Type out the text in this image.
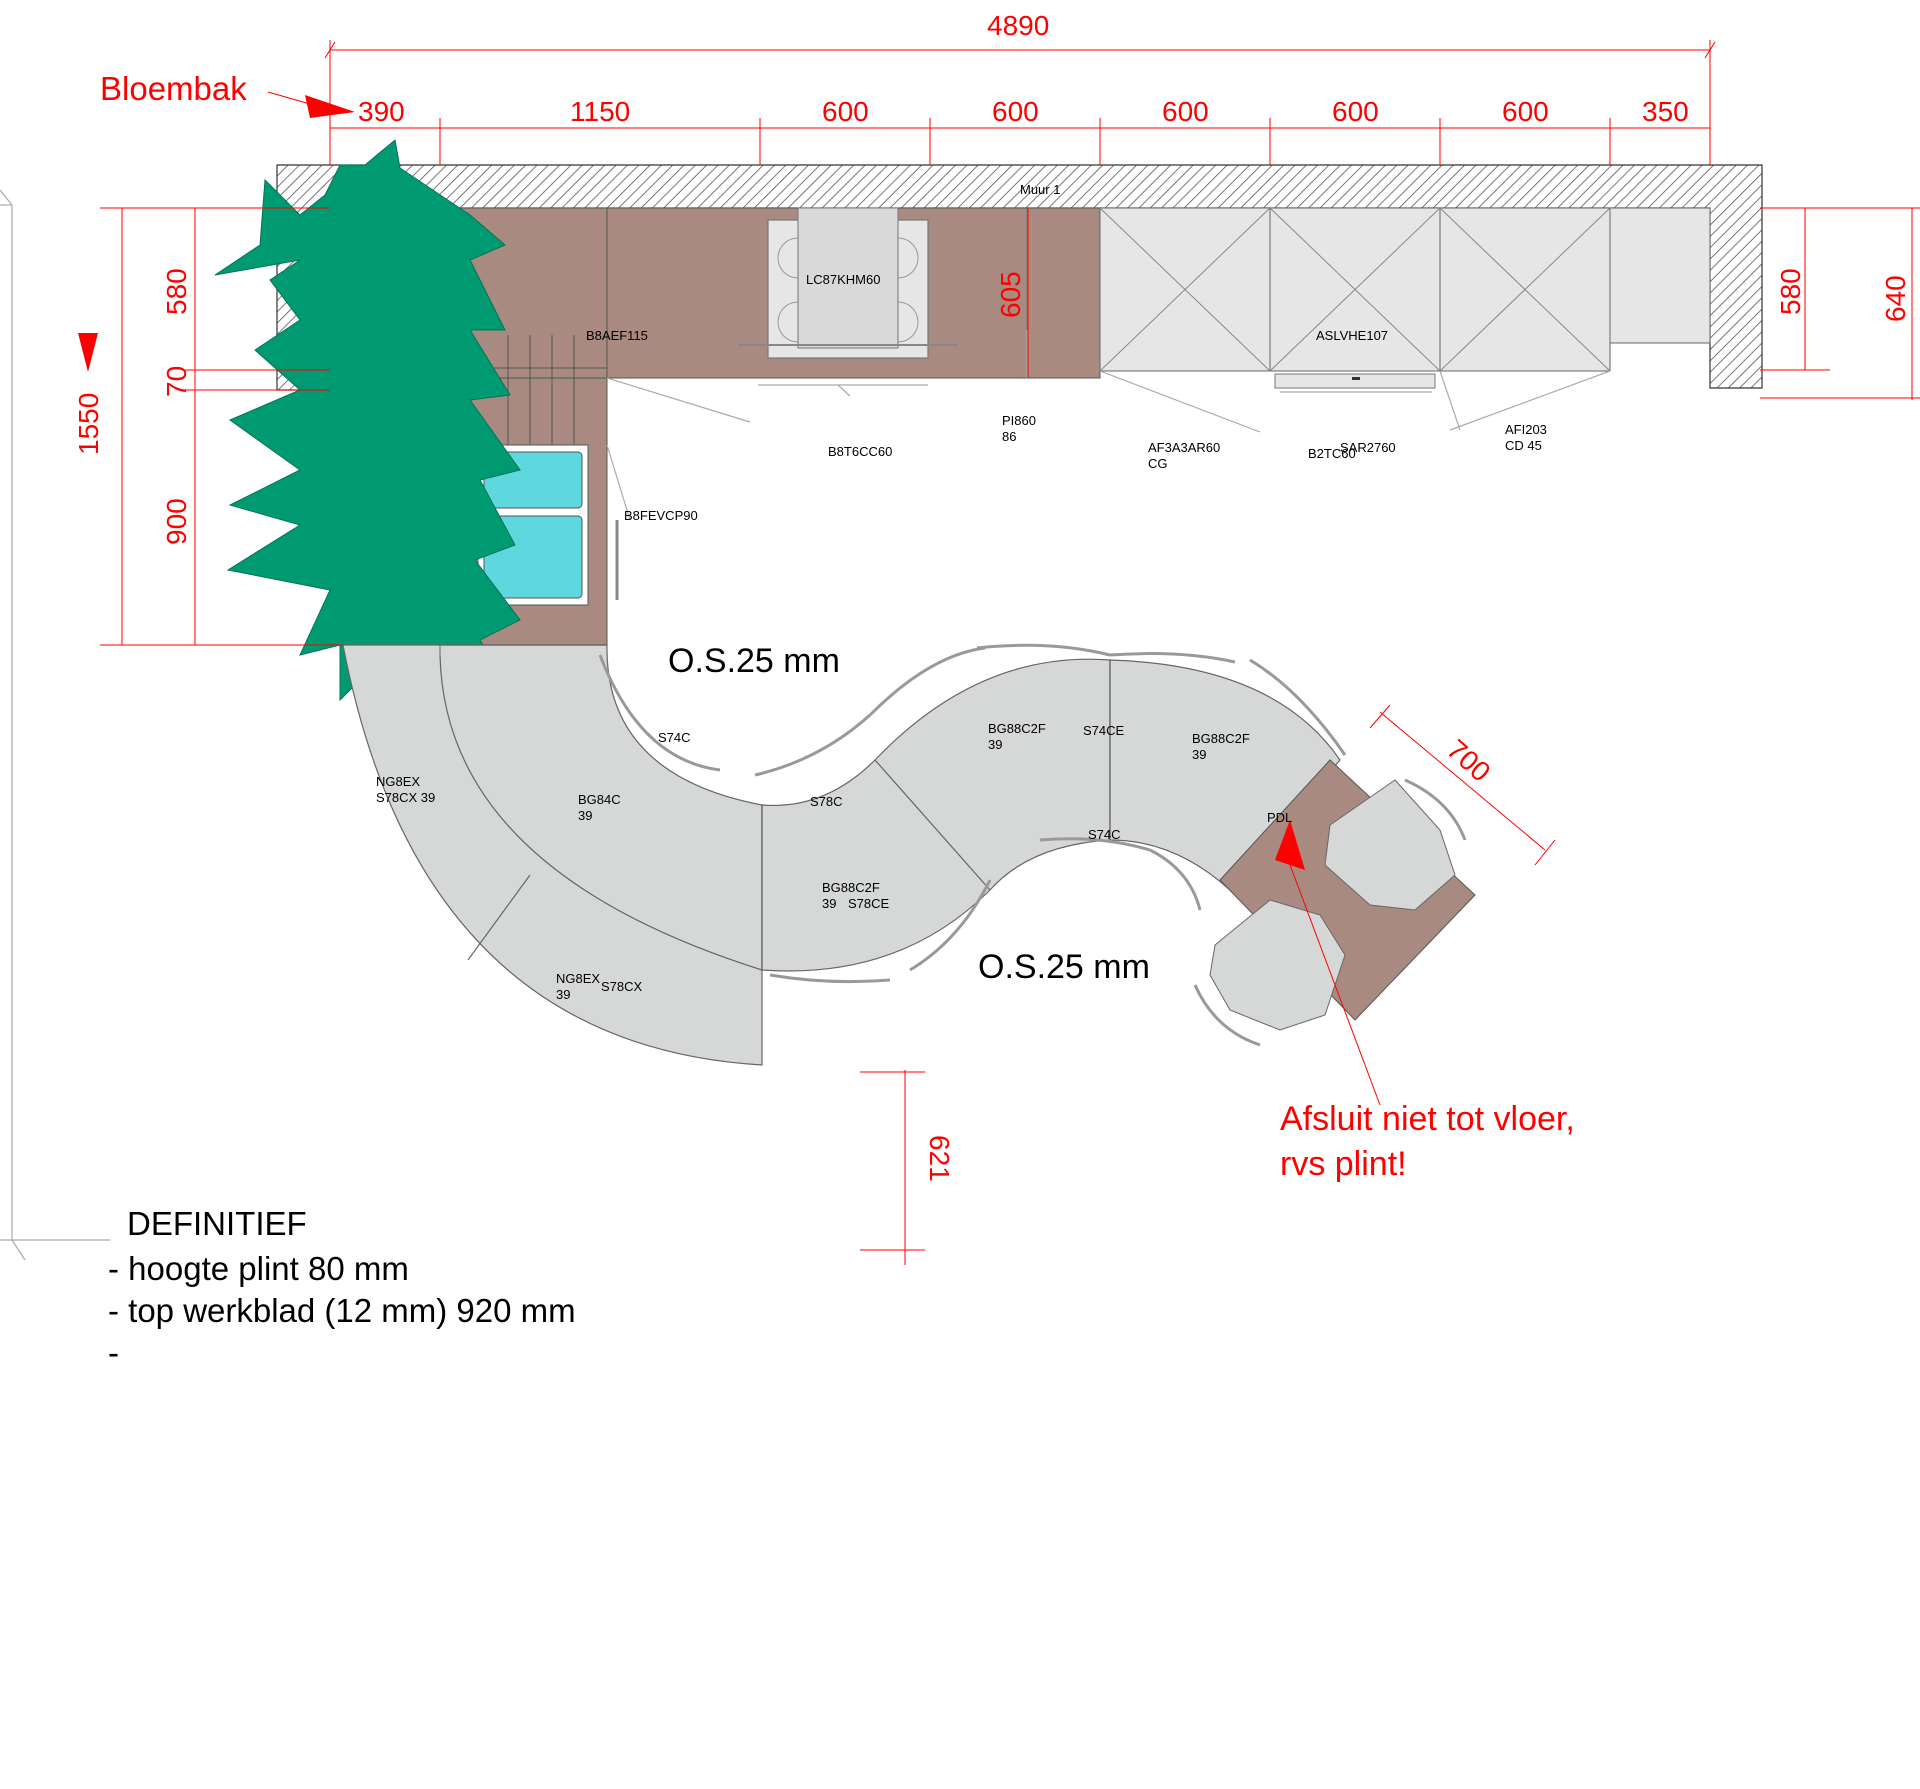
Muur 1
LC87KHM60
B8AEF115	ASLVHE107
B8FEVCP90
PI860
86
B8T6CC60	AF3A3AR60
CG
B2TC60
SAR2760
AFI203
CD 45
S74C
NG8EX
S78CX 39	BG84C
39
S78C
BG88C2F
39
S74CE
BG88C2F
39
S74C
BG88C2F
39 S78CE
NG8EX
39
S78CX
PDL
O.S.25 mm
O.S.25 mm
4890
390	1150	600	600	600	600	600	350
1550
580
70
900
605	580	640
700
621
Bloembak
Afsluit niet tot vloer,
rvs plint!
DEFINITIEF
- hoogte plint 80 mm
- top werkblad (12 mm) 920 mm
-
